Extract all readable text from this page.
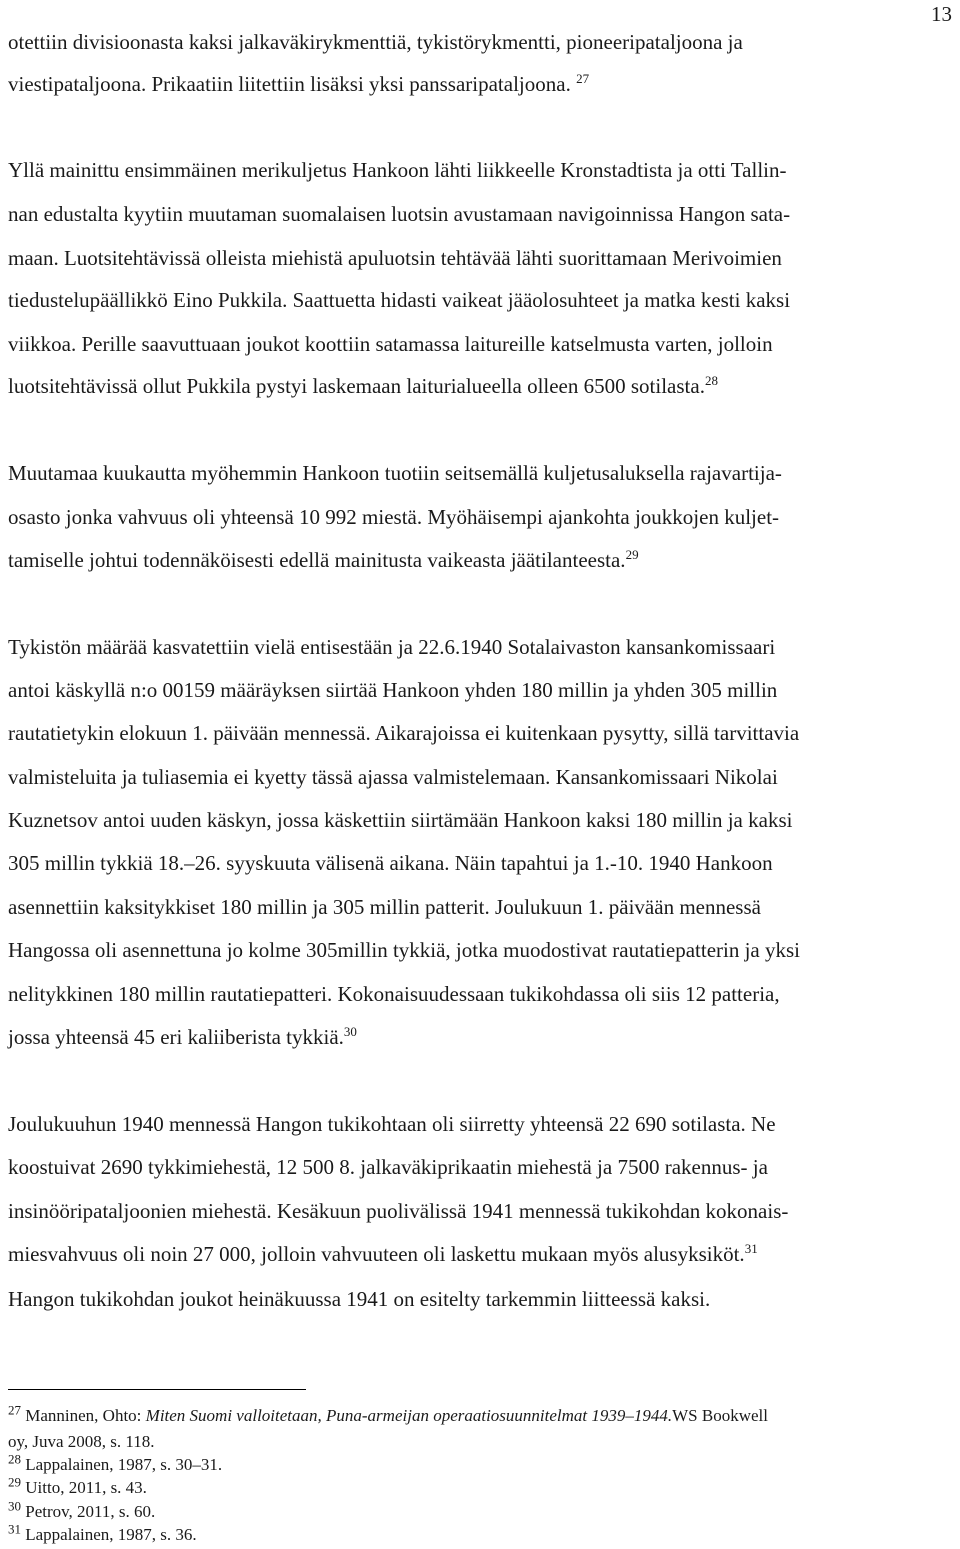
13
otettiin divisioonasta kaksi jalkaväkirykmenttiä, tykistörykmentti, pioneeripataljoona ja
viestipataljoona. Prikaatiin liitettiin lisäksi yksi panssaripataljoona. $^{27}$
Yllä mainittu ensimmäinen merikuljetus Hankoon lähti liikkeelle Kronstadtista ja otti Tallin-
nan edustalta kyytiin muutaman suomalaisen luotsin avustamaan navigoinnissa Hangon sata-
maan. Luotsitehtävissä olleista miehistä apuluotsin tehtävää lähti suorittamaan Merivoimien
tiedustelupäällikkö Eino Pukkila. Saattuetta hidasti vaikeat jääolosuhteet ja matka kesti kaksi
viikkoa. Perille saavuttuaan joukot koottiin satamassa laitureille katselmusta varten, jolloin
luotsitehtävissä ollut Pukkila pystyi laskemaan laiturialueella olleen 6500 sotilasta.$^{28}$
Muutamaa kuukautta myöhemmin Hankoon tuotiin seitsemällä kuljetusaluksella rajavartija-
osasto jonka vahvuus oli yhteensä 10 992 miestä. Myöhäisempi ajankohta joukkojen kuljet-
tamiselle johtui todennäköisesti edellä mainitusta vaikeasta jäätilanteesta.$^{29}$
Tykistön määrää kasvatettiin vielä entisestään ja 22.6.1940 Sotalaivaston kansankomissaari
antoi käskyllä n:o 00159 määräyksen siirtää Hankoon yhden 180 millin ja yhden 305 millin
rautatietykin elokuun 1. päivään mennessä. Aikarajoissa ei kuitenkaan pysytty, sillä tarvittavia
valmisteluita ja tuliasemia ei kyetty tässä ajassa valmistelemaan. Kansankomissaari Nikolai
Kuznetsov antoi uuden käskyn, jossa käskettiin siirtämään Hankoon kaksi 180 millin ja kaksi
305 millin tykkiä 18.–26. syyskuuta välisenä aikana. Näin tapahtui ja 1.-10. 1940 Hankoon
asennettiin kaksitykkiset 180 millin ja 305 millin patterit. Joulukuun 1. päivään mennessä
Hangossa oli asennettuna jo kolme 305millin tykkiä, jotka muodostivat rautatiepatterin ja yksi
nelitykkinen 180 millin rautatiepatteri. Kokonaisuudessaan tukikohdassa oli siis 12 patteria,
jossa yhteensä 45 eri kaliiberista tykkiä.$^{30}$
Joulukuuhun 1940 mennessä Hangon tukikohtaan oli siirretty yhteensä 22 690 sotilasta. Ne
koostuivat 2690 tykkimiehestä, 12 500 8. jalkaväkiprikaatin miehestä ja 7500 rakennus- ja
insinööripataljoonien miehestä. Kesäkuun puolivälissä 1941 mennessä tukikohdan kokonais-
miesvahvuus oli noin 27 000, jolloin vahvuuteen oli laskettu mukaan myös alusyksiköt.$^{31}$
Hangon tukikohdan joukot heinäkuussa 1941 on esitelty tarkemmin liitteessä kaksi.
$^{27}$ Manninen, Ohto: Miten Suomi valloitetaan, Puna-armeijan operaatiosuunnitelmat 1939–1944.WS Bookwell
oy, Juva 2008, s. 118.
$^{28}$ Lappalainen, 1987, s. 30–31.
$^{29}$ Uitto, 2011, s. 43.
$^{30}$ Petrov, 2011, s. 60.
$^{31}$ Lappalainen, 1987, s. 36.
